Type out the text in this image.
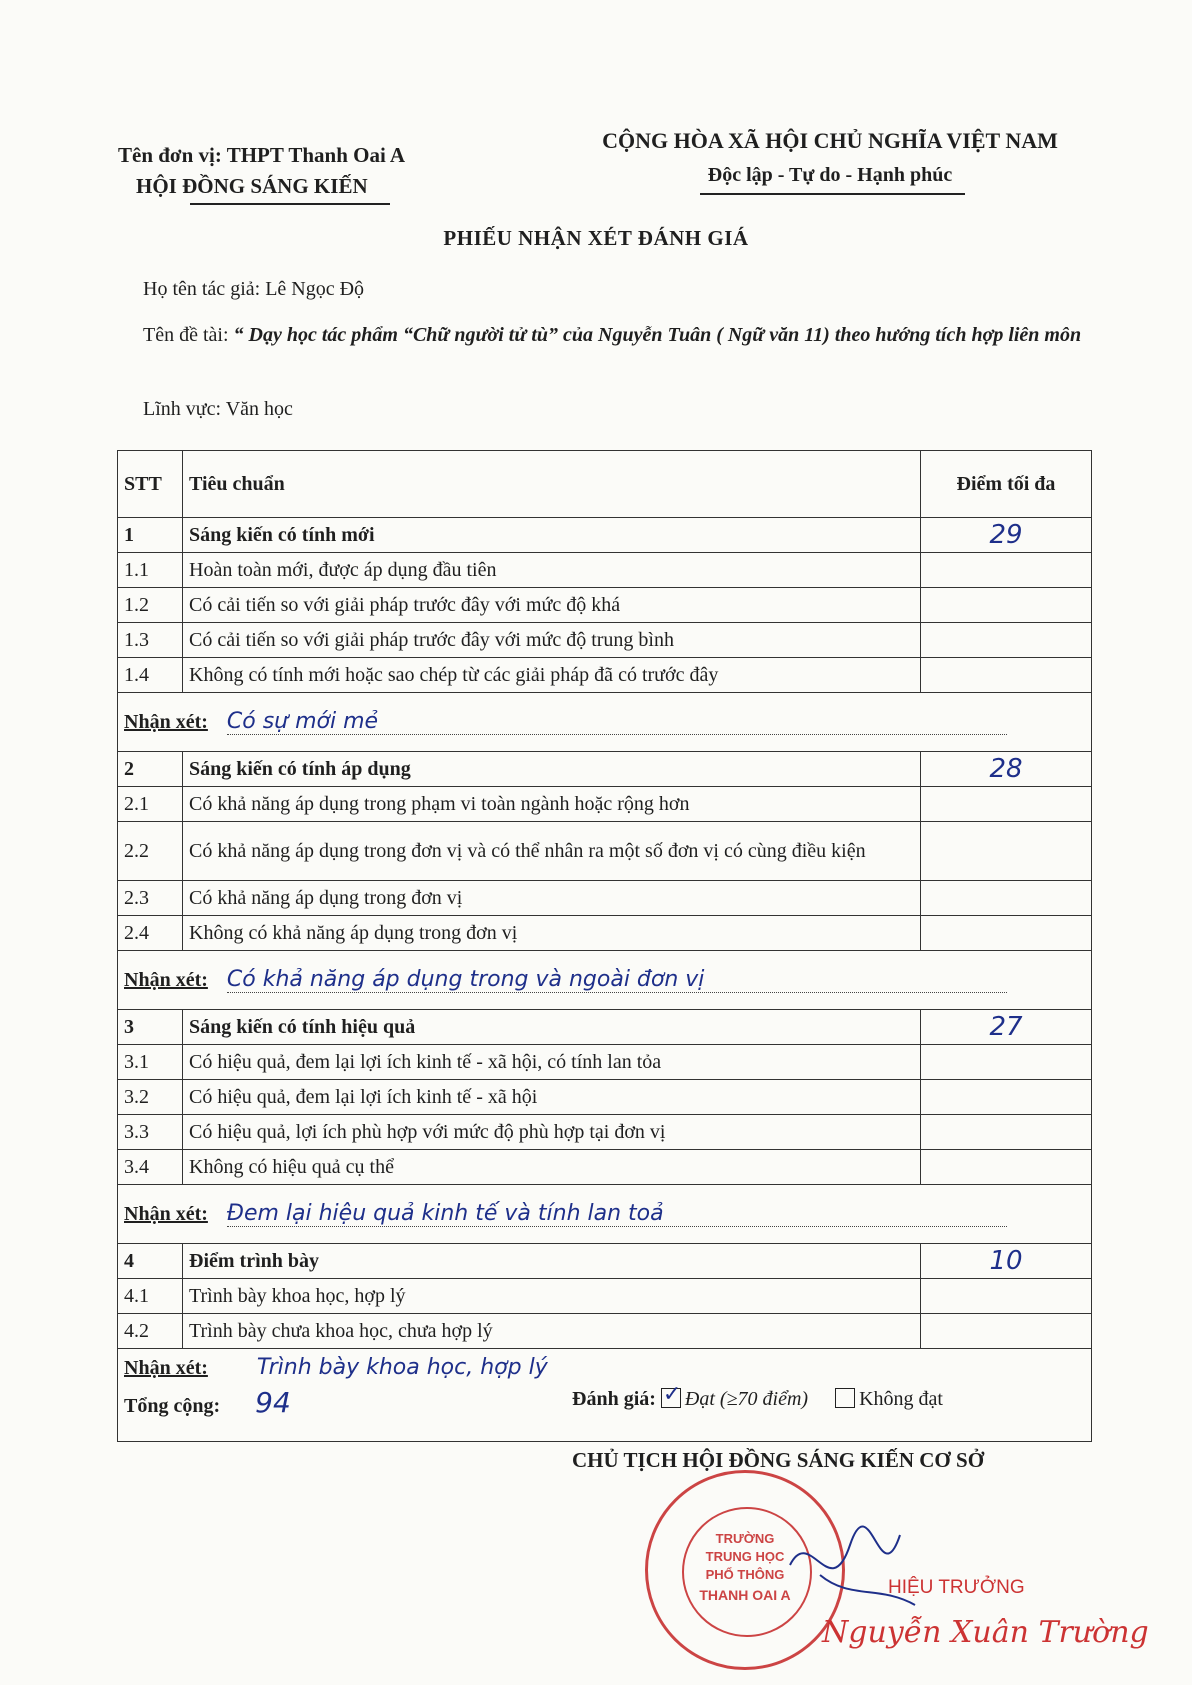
Tên đơn vị: THPT Thanh Oai A
HỘI ĐỒNG SÁNG KIẾN
CỘNG HÒA XÃ HỘI CHỦ NGHĨA VIỆT NAM
Độc lập - Tự do - Hạnh phúc
PHIẾU NHẬN XÉT ĐÁNH GIÁ
Họ tên tác giả: Lê Ngọc Độ
Tên đề tài: “ Dạy học tác phẩm “Chữ người tử tù” của Nguyễn Tuân ( Ngữ văn 11) theo hướng tích hợp liên môn
Lĩnh vực: Văn học
STT	Tiêu chuẩn	Điểm tối đa
1	Sáng kiến có tính mới	29
1.1	Hoàn toàn mới, được áp dụng đầu tiên	
1.2	Có cải tiến so với giải pháp trước đây với mức độ khá	
1.3	Có cải tiến so với giải pháp trước đây với mức độ trung bình	
1.4	Không có tính mới hoặc sao chép từ các giải pháp đã có trước đây	
Nhận xét: Có sự mới mẻ		
2	Sáng kiến có tính áp dụng	28
2.1	Có khả năng áp dụng trong phạm vi toàn ngành hoặc rộng hơn	
2.2	Có khả năng áp dụng trong đơn vị và có thể nhân ra một số đơn vị có cùng điều kiện	
2.3	Có khả năng áp dụng trong đơn vị	
2.4	Không có khả năng áp dụng trong đơn vị	
Nhận xét: Có khả năng áp dụng trong và ngoài đơn vị		
3	Sáng kiến có tính hiệu quả	27
3.1	Có hiệu quả, đem lại lợi ích kinh tế - xã hội, có tính lan tỏa	
3.2	Có hiệu quả, đem lại lợi ích kinh tế - xã hội	
3.3	Có hiệu quả, lợi ích phù hợp với mức độ phù hợp tại đơn vị	
3.4	Không có hiệu quả cụ thể	
Nhận xét: Đem lại hiệu quả kinh tế và tính lan toả		
4	Điểm trình bày	10
4.1	Trình bày khoa học, hợp lý	
4.2	Trình bày chưa khoa học, chưa hợp lý	

Nhận xét: Trình bày khoa học, hợp lý
Tổng cộng: 94 Đánh giá: ✓ Đạt (≥70 điểm) Không đạt
CHỦ TỊCH HỘI ĐỒNG SÁNG KIẾN CƠ SỞ
TRƯỜNG
TRUNG HỌC
PHỔ THÔNG
THANH OAI A	HIỆU TRƯỞNG
Nguyễn Xuân Trường
